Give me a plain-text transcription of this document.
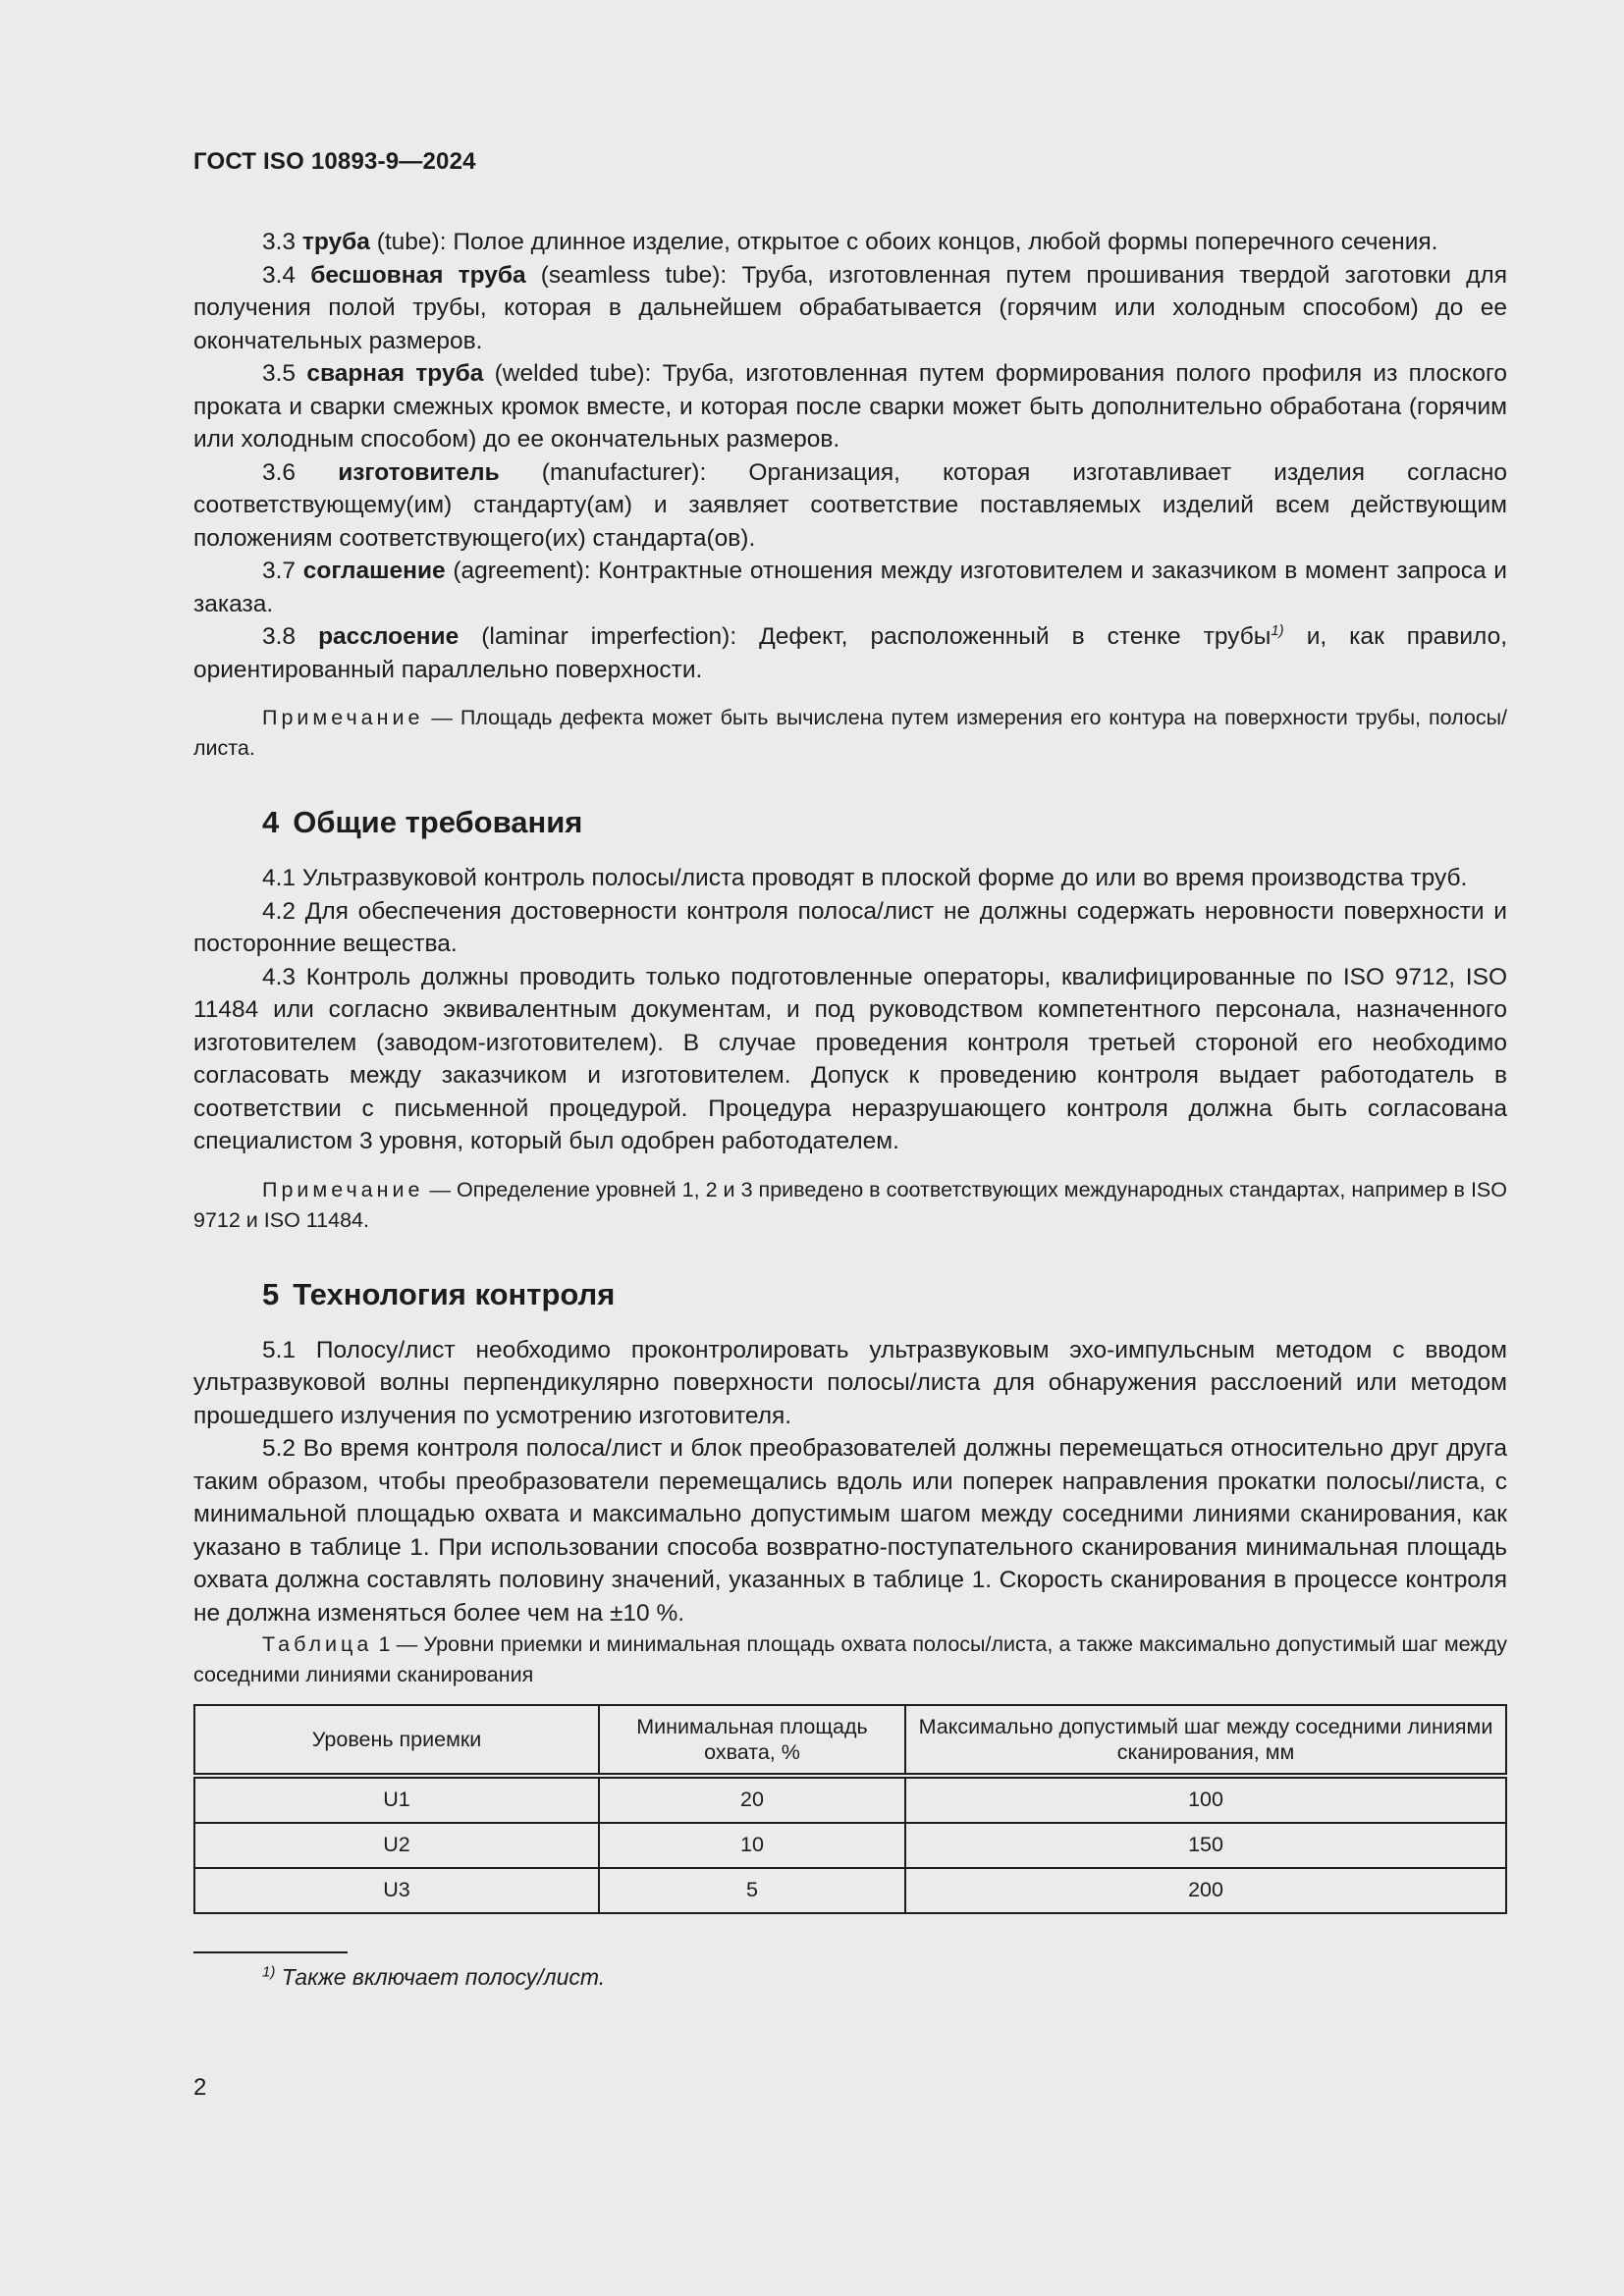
ГОСТ ISO 10893-9—2024

3.3 труба (tube): Полое длинное изделие, открытое с обоих концов, любой формы поперечного сечения.

3.4 бесшовная труба (seamless tube): Труба, изготовленная путем прошивания твердой заготовки для получения полой трубы, которая в дальнейшем обрабатывается (горячим или холодным способом) до ее окончательных размеров.

3.5 сварная труба (welded tube): Труба, изготовленная путем формирования полого профиля из плоского проката и сварки смежных кромок вместе, и которая после сварки может быть дополнительно обработана (горячим или холодным способом) до ее окончательных размеров.

3.6 изготовитель (manufacturer): Организация, которая изготавливает изделия согласно соответствующему(им) стандарту(ам) и заявляет соответствие поставляемых изделий всем действующим положениям соответствующего(их) стандарта(ов).

3.7 соглашение (agreement): Контрактные отношения между изготовителем и заказчиком в момент запроса и заказа.

3.8 расслоение (laminar imperfection): Дефект, расположенный в стенке трубы$^{1)}$ и, как правило, ориентированный параллельно поверхности.

Примечание — Площадь дефекта может быть вычислена путем измерения его контура на поверхности трубы, полосы/листа.

4 Общие требования

4.1 Ультразвуковой контроль полосы/листа проводят в плоской форме до или во время производства труб.

4.2 Для обеспечения достоверности контроля полоса/лист не должны содержать неровности поверхности и посторонние вещества.

4.3 Контроль должны проводить только подготовленные операторы, квалифицированные по ISO 9712, ISO 11484 или согласно эквивалентным документам, и под руководством компетентного персонала, назначенного изготовителем (заводом-изготовителем). В случае проведения контроля третьей стороной его необходимо согласовать между заказчиком и изготовителем. Допуск к проведению контроля выдает работодатель в соответствии с письменной процедурой. Процедура неразрушающего контроля должна быть согласована специалистом 3 уровня, который был одобрен работодателем.

Примечание — Определение уровней 1, 2 и 3 приведено в соответствующих международных стандартах, например в ISO 9712 и ISO 11484.

5 Технология контроля

5.1 Полосу/лист необходимо проконтролировать ультразвуковым эхо-импульсным методом с вводом ультразвуковой волны перпендикулярно поверхности полосы/листа для обнаружения расслоений или методом прошедшего излучения по усмотрению изготовителя.

5.2 Во время контроля полоса/лист и блок преобразователей должны перемещаться относительно друг друга таким образом, чтобы преобразователи перемещались вдоль или поперек направления прокатки полосы/листа, с минимальной площадью охвата и максимально допустимым шагом между соседними линиями сканирования, как указано в таблице 1. При использовании способа возвратно-поступательного сканирования минимальная площадь охвата должна составлять половину значений, указанных в таблице 1. Скорость сканирования в процессе контроля не должна изменяться более чем на ±10 %.

Таблица 1 — Уровни приемки и минимальная площадь охвата полосы/листа, а также максимально допустимый шаг между соседними линиями сканирования

Уровень приемки	Минимальная площадь охвата, %	Максимально допустимый шаг между соседними линиями сканирования, мм
U1	20	100
U2	10	150
U3	5	200
$^{1)}$ Также включает полосу/лист.
2
